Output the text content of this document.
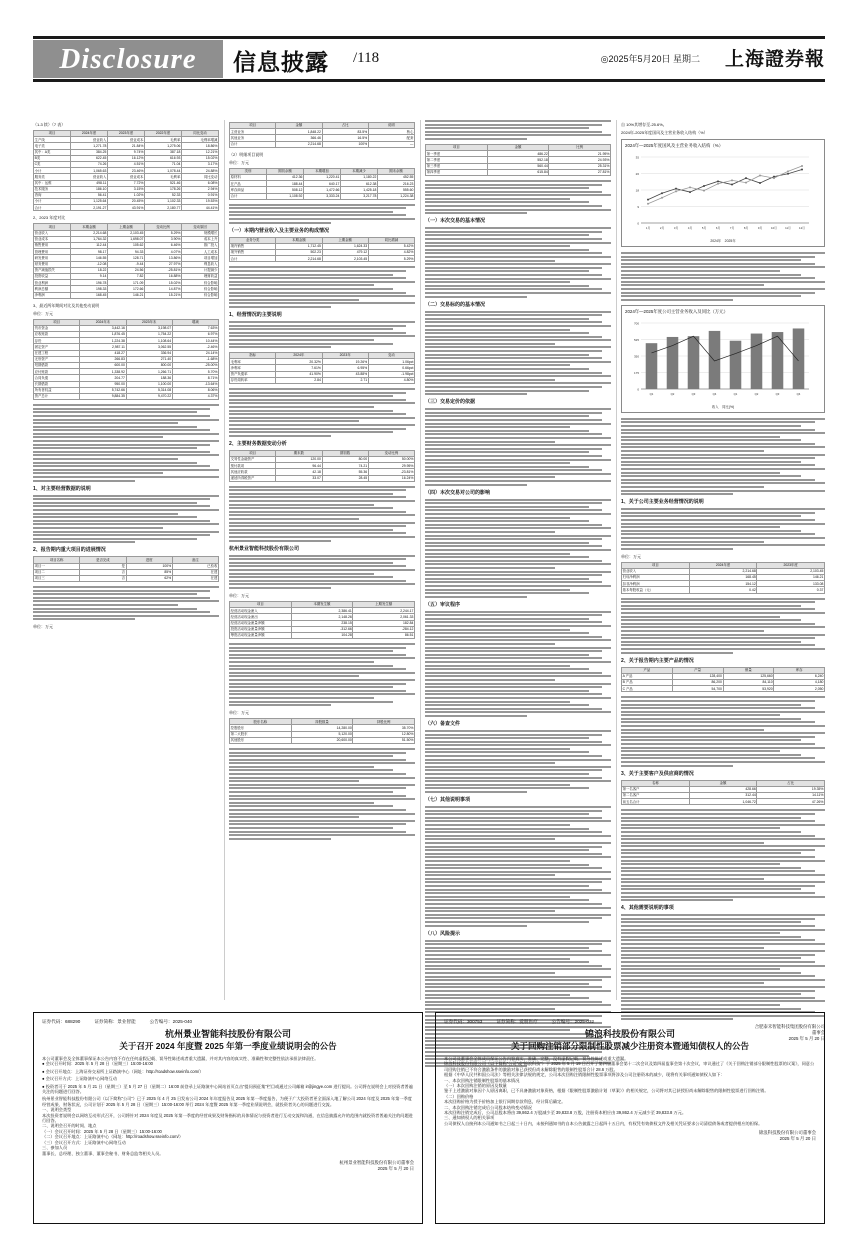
Disclosure	信息披露 /118	◎2025年5月20日 星期二 上海證券報
（1-3 续）（7 表）
项目	2024年度	2023年度	2022年度	同比变动
生产线	营业收入	营业成本	毛利率	毛利率增减
电子类	1,271.78	21.84%	1,275.06	18.86%
其中：A类	384.25	9.74%	387.18	12.21%
B类	622.45	16.12%	616.93	15.02%
C类	74.26	4.51%	71.04	3.17%
小计	1,065.63	23.46%	1,078.44	24.88%
服务类	营业收入	营业成本	毛利率	同比变动
其中：运维	498.11	7.72%	521.46	6.08%
技术服务	186.10	3.15%	178.26	2.94%
咨询	56.41	1.02%	52.33	0.91%
小计	1,125.64	20.45%	1,102.33	19.53%
合计	2,191.27	43.91%	2,180.77	44.41%
2、2023 年度对比
项目	本期金额	上期金额	变动比例	变动原因
营业收入	2,214.68	2,103.45	5.29%	规模增长
营业成本	1,764.32	1,698.07	3.90%	成本上升
销售费用	112.44	105.62	6.46%	推广投入
管理费用	98.17	94.33	4.07%	人工成本
研发费用	146.55	128.71	13.86%	项目增加
财务费用	-12.08	-9.44	27.97%	利息收入
资产减值损失	18.22	24.56	-25.81%	计提减少
投资收益	9.14	7.82	16.88%	理财收益
营业利润	196.78	171.09	15.02%	综合影响
利润总额	198.33	172.66	14.87%	综合影响
净利润	168.45	146.21	15.21%	综合影响
3、最近两年期间对比及其他变动说明
单位：万元
项目	2024年末	2023年末	增减
货币资金	3,442.16	3,198.07	7.63%
应收账款	1,876.45	1,754.22	6.97%
存货	1,224.38	1,108.64	10.44%
固定资产	2,987.11	3,062.55	-2.46%
在建工程	418.27	336.94	24.14%
无形资产	266.83	271.40	-1.68%
短期借款	600.00	800.00	-25.00%
应付账款	1,338.92	1,266.71	5.70%
合同负债	204.77	188.36	8.71%
长期借款	950.00	1,100.00	-13.64%
所有者权益	5,742.66	5,314.08	8.06%
资产总计	9,884.35	9,470.22	4.37%
1、对主要经营数据的说明
2、报告期内重大项目的进展情况
项目名称	是否完成	进度	备注
项目一	是	100%	已验收
项目二	否	85%	在建
项目三	否	62%	在建
单位：万元
项目	金额	占比	说明
主营业务	1,848.22	83.5%	核心
其他业务	366.46	16.5%	配套
合计	2,214.68	100%	—
（2）明细项目说明
单位：万元
类别	期初余额	本期增加	本期减少	期末余额
原材料	412.36	1,220.41	1,180.22	452.55
在产品	188.44	640.17	612.38	216.23
库存商品	508.12	1,472.66	1,425.18	555.60
合计	1,108.92	3,333.24	3,217.78	1,224.38
（一）本期内营业收入及主要业务的构成情况
业务分类	本期金额	上期金额	同比增减
境内销售	1,712.45	1,624.33	5.42%
境外销售	502.23	479.12	4.82%
合计	2,214.68	2,103.45	5.29%
1、经营情况的主要说明
指标	2024年	2023年	变动
毛利率	20.32%	19.26%	1.06pct
净利率	7.61%	6.95%	0.66pct
资产负债率	41.90%	43.88%	-1.98pct
存货周转率	2.84	2.71	4.80%
2、主要财务数据变动分析
项目	期末数	期初数	变动比例
交易性金融资产	120.00	80.00	50.00%
预付款项	96.44	74.21	29.95%
其他应收款	42.18	55.36	-23.81%
递延所得税资产	33.07	28.45	16.24%
杭州景业智能科技股份有限公司
单位：万元
项目	本期发生额	上期发生额
经营活动现金流入	2,386.41	2,244.17
经营活动现金流出	2,148.26	2,061.33
经营活动现金流量净额	238.15	182.84
投资活动现金流量净额	-312.66	-284.12
筹资活动现金流量净额	104.28	86.51
单位：万元
股东名称	持股数量	持股比例
控股股东	14,280.00	35.70%
第二大股东	5,120.00	12.80%
其他股东	20,600.00	51.50%
项目	金额	比例
第一季度	486.22	21.95%
第二季度	552.18	24.93%
第三季度	560.44	25.31%
第四季度	615.84	27.81%
（一）本次交易的基本情况
（二）交易标的的基本情况
（三）交易定价的依据
（四）本次交易对公司的影响
（五）审议程序
（六）备查文件
（七）其他说明事项
（八）风险提示
自 10%其增存至-25.6%。
2024年-2025年度国风及主营业务收入结构（%）
2024年—2025年度国风及主营业务收入结构（%）
0
9
18
26
35
1月	2月	3月	4月	5月	6月	7月	8月	9月	10月	11月	12月
2024年　2025年
2024年—2025年度公司主营业务收入及同比（万元）
0
175
350
525
700
Q1	Q2	Q3	Q4	Q1	Q2	Q3	Q4
收入　同比(%)
1、关于公司主要业务经营情况的说明
单位：万元
项目	2024年度	2023年度
营业收入	2,214.68	2,103.45
归母净利润	168.45	146.21
扣非净利润	154.12	133.08
基本每股收益（元）	0.42	0.37
2、关于报告期内主要产品的情况
产品	产量	销量	库存
A 产品	128,400	125,660	6,240
B 产品	86,200	84,110	4,180
C 产品	54,700	53,920	2,050
3、关于主要客户及供应商的情况
名称	金额	占比
第一名客户	428.66	19.35%
第二名客户	312.44	14.11%
前五名合计	1,046.72	47.26%
4、其他需要说明的事项
合肥泰禾智能科技集团股份有限公司
董事会
2025 年 5 月 20 日
证券代码：688290	证券简称：景业智能	公告编号：2025-040
杭州景业智能科技股份有限公司
关于召开 2024 年度暨 2025 年第一季度业绩说明会的公告
本公司董事会及全体董事保证本公告内容不存在任何虚假记载、误导性陈述或者重大遗漏，并对其内容的真实性、准确性和完整性依法承担法律责任。
● 会议召开时间：2025 年 5 月 28 日（星期三）15:00-16:00
● 会议召开地点：上海证券交易所上证路演中心（网址：http://roadshow.sseinfo.com/）
● 会议召开方式：上证路演中心网络互动
● 投资者可于 2025 年 5 月 21 日（星期三）至 5 月 27 日（星期二）16:00 前登录上证路演中心网站首页点击“提问预征集”栏目或通过公司邮箱 ir@jingye.com 进行提问。公司将在说明会上对投资者普遍关注的问题进行回答。
杭州景业智能科技股份有限公司（以下简称“公司”）已于 2025 年 4 月 25 日发布公司 2024 年年度报告及 2025 年第一季度报告，为便于广大投资者更全面深入地了解公司 2024 年度及 2025 年第一季度经营成果、财务状况，公司计划于 2025 年 5 月 28 日（星期三）15:00-16:00 举行 2024 年度暨 2025 年第一季度业绩说明会，就投资者关心的问题进行交流。
一、说明会类型
本次投资者说明会以网络互动形式召开，公司将针对 2024 年度及 2025 年第一季度的经营成果及财务指标的具体情况与投资者进行互动交流和沟通，在信息披露允许的范围内就投资者普遍关注的问题进行回答。
二、说明会召开的时间、地点
（一）会议召开时间：2025 年 5 月 28 日（星期三）15:00-16:00
（二）会议召开地点：上证路演中心（网址：http://roadshow.sseinfo.com/）
（三）会议召开方式：上证路演中心网络互动
三、参加人员
董事长、总经理、独立董事、董事会秘书、财务总监等相关人员。
杭州景业智能科技股份有限公司董事会
2025 年 5 月 20 日
证券代码：300753	证券简称：爱朋医疗	公告编号：2025-032
锦浪科技股份有限公司
关于回购注销部分限制性股票减少注册资本暨通知债权人的公告
本公司及董事会全体成员保证公告内容真实、准确、完整，没有虚假记载、误导性陈述或重大遗漏。
锦浪科技股份有限公司（以下简称“公司”或“锦浪科技”）于 2025 年 5 月 19 日召开了第四届董事会第十二次会议及第四届监事会第十次会议，审议通过了《关于回购注销部分限制性股票的议案》，同意公司回购注销已不符合激励条件的激励对象已获授但尚未解除限售的限制性股票合计 28.6 万股。
根据《中华人民共和国公司法》等相关法律法规的规定，公司本次回购注销限制性股票事项将涉及公司注册资本的减少，现将有关事项通知债权人如下：
一、本次回购注销限制性股票的基本情况
（一）本次回购注销的原因及数量
鉴于上述激励对象因个人原因离职，已不具备激励对象资格，根据《限制性股票激励计划（草案）》的相关规定，公司将对其已获授但尚未解除限售的限制性股票进行回购注销。
（二）回购价格
本次回购价格为授予价格加上银行同期存款利息，经计算后确定。
二、本次回购注销完成后公司股本结构变动情况
本次回购注销完成后，公司总股本将由 39,862.4 万股减少至 39,833.8 万股，注册资本相应由 39,862.4 万元减少至 39,833.8 万元。
三、通知债权人的相关事项
公司债权人自接到本公司通知书之日起三十日内，未接到通知书的自本公告披露之日起四十五日内，有权凭有效债权文件及相关凭证要求公司清偿债务或者提供相应的担保。
锦浪科技股份有限公司董事会
2025 年 5 月 20 日
